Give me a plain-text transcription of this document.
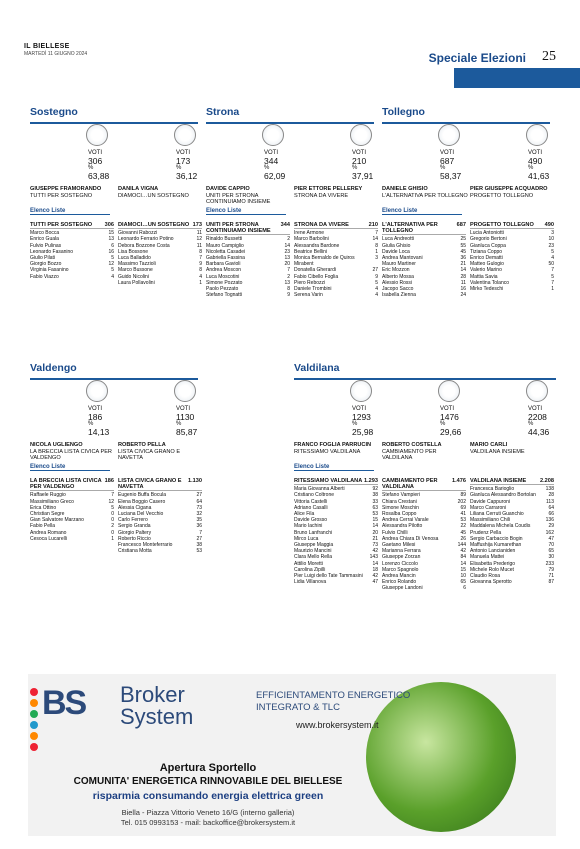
IL BIELLESE
MARTEDÌ 11 GIUGNO 2024	Speciale Elezioni 25
Sostegno
VOTI
306
%
63,88
GIUSEPPE FRAMORANDO
TUTTI PER SOSTEGNO
VOTI
173
%
36,12
DANILA VIGNA
DIAMOCI…UN SOSTEGNO
Elenco Liste
TUTTI PER SOSTEGNO 306
Marco Bocca	15
Enrico Guala	13
Fulvio Pulinas	6
Leonardo Fasanino	16
Giulio Pilati	5
Giorgio Bozzo	12
Virginia Fasanino	5
Fabio Viazzo	4
DIAMOCI…UN SOSTEGNO 173
Giovanni Rabozzi	11
Leonardo Ferrario Potino	12
Debora Bozzone Costa	11
Lisa Bossone	8
Luca Balladido	7
Massimo Tazzioli	9
Marco Bussone	8
Guido Nicolini	4
Laura Pollavolini	1
Strona
VOTI
344
%
62,09
DAVIDE CAPPIO
UNITI PER STRONA CONTINUIAMO INSIEME
VOTI
210
%
37,91
PIER ETTORE PELLEREY
STRONA DA VIVERE
Elenco Liste
UNITI PER STRONA CONTINUIAMO INSIEME
344
Rinaldo Bussetti	2
Mauro Campiglio	14
Nicoletta Casadei	23
Gabriella Fassina	13
Barbara Gavioli	20
Andrea Moscon	7
Luca Moscotini	2
Simone Pozzato	13
Paolo Pezzato	8
Stefano Tognatti	9
STRONA DA VIVERE	210
Irene Armone	7
Marco Barbolini	14
Alessandra Bardone	8
Beatrice Bellini	1
Monica Bernaldo de Quiros Mirabent
3
Donatella Gherardi	27
Fabio Cibello Foglia	9
Piero Rebozzi	5
Daniele Trombini	4
Serena Varin	4
Tollegno
VOTI
687
%
58,37
DANIELE GHISIO
L'ALTERNATIVA PER TOLLEGNO
VOTI
490
%
41,63
PIER GIUSEPPE ACQUADRO
PROGETTO TOLLEGNO
Elenco Liste
L'ALTERNATIVA PER TOLLEGNO
687
Luca Andreotti	25
Giulia Ghisio	55
Davide Loca	45
Andrea Mantovani	36
Mauro Martiner	21
Eric Mozzon	14
Alberto Mossa	28
Alessio Rossi	11
Jacopo Sacco	16
Isabella Zienna	24
PROGETTO TOLLEGNO 490
Lucia Antoniotti	3
Gregorio Bertoni	10
Gianluca Coppa	23
Tiziana Coppo	5
Enrico Dematti	4
Matteo Gulogio	50
Valerio Marino	7
Mattia Savia	5
Valentina Tolanco	7
Mirko Tedeschi	1
Valdengo
VOTI
186
%
14,13
NICOLA UGLIENGO
LA BRECCIA LISTA CIVICA PER VALDENGO
VOTI
1130
%
85,87
ROBERTO PELLA
LISTA CIVICA GRANO E NAVETTA
Elenco Liste
LA BRECCIA LISTA CIVICA PER VALDENGO
186
Raffaele Ruggio	7
Massimiliano Greco	12
Erica Ottino	5
Christian Segre	0
Gian Salvatore Marzano	0
Fabio Pella	2
Andrea Romano	0
Cesoca Lucarelli	1
LISTA CIVICA GRANO E NAVETTA
1.130
Eugenio Buffa Bocula	27
Elena Boggio Casero	64
Alessia Cigana	73
Luciana Del Vecchio	32
Carlo Ferrero	35
Sergio Granda	36
Giorgio Paltery	7
Roberto Riccio	27
Francesco Monteferrario	38
Cristiana Motta	53
Valdilana
VOTI
1293
%
25,98
FRANCO FOGLIA PARRUCIN
RITESSIAMO VALDILANA
VOTI
1476
%
29,66
ROBERTO COSTELLA
CAMBIAMENTO PER VALDILANA
VOTI
2208
%
44,36
MARIO CARLI
VALDILANA INSIEME
Elenco Liste
RITESSIAMO VALDILANA 1.293
Maria Giovanna Alberti	92
Cristiano Coltrone	38
Vittoria Castelli	33
Adriano Casalli	63
Alice Fila	53
Davide Grosso	15
Mario Iachini	14
Bruno Lanfranchi	20
Mirco Luca	21
Giuseppe Maggia	73
Maurizio Mancini	42
Clara Mello Rella	143
Attilio Moretti	14
Carolina Zipilli	18
Pier Luigi dello Tate Tammasini 42
Lidia Villanova	47
CAMBIAMENTO PER VALDILANA
1.476
Stefano Vampieri	89
Chiara Crestani	202
Simone Moschin	69
Rosalba Coppo	41
Andrea Cerrai Varale	53
Alessandra Pilotto	22
Fulvio Chilli	45
Andrea Chiara Di Venosa	26
Gaetano Milesi	144
Marianna Ferrara	42
Giuseppe Zorzan	84
Lorenzo Ciccolo	14
Marco Spagnolo	15
Andrea Mancin	10
Enrico Rolando	65
Giuseppe Landoni	6
VALDILANA INSIEME 2.208
Francesca Barioglio	138
Gianluca Alessandro Bortolan	28
Davide Cappuroni	113
Marco Carraroni	64
Liliana Cerruti Guanchio	66
Massimiliano Chili	136
Maddalena Michela Coudis	29
Prudenz Pella	162
Sergio Carbaccio Bogin	47
Maffushija Kumarethan	70
Antonio Lancianiden	65
Manuela Mattei	30
Elisabetta Prederigo	233
Michele Rolo Mucet	79
Claudio Rosa	71
Giovanna Sperotto	87
BS Broker
System
EFFICIENTAMENTO ENERGETICO
INTEGRATO & TLC
www.brokersystem.it
Apertura Sportello
COMUNITA' ENERGETICA RINNOVABILE DEL BIELLESE
risparmia consumando energia elettrica green
Biella - Piazza Vittorio Veneto 16/G (interno galleria)
Tel. 015 0993153 - mail: backoffice@brokersystem.it
